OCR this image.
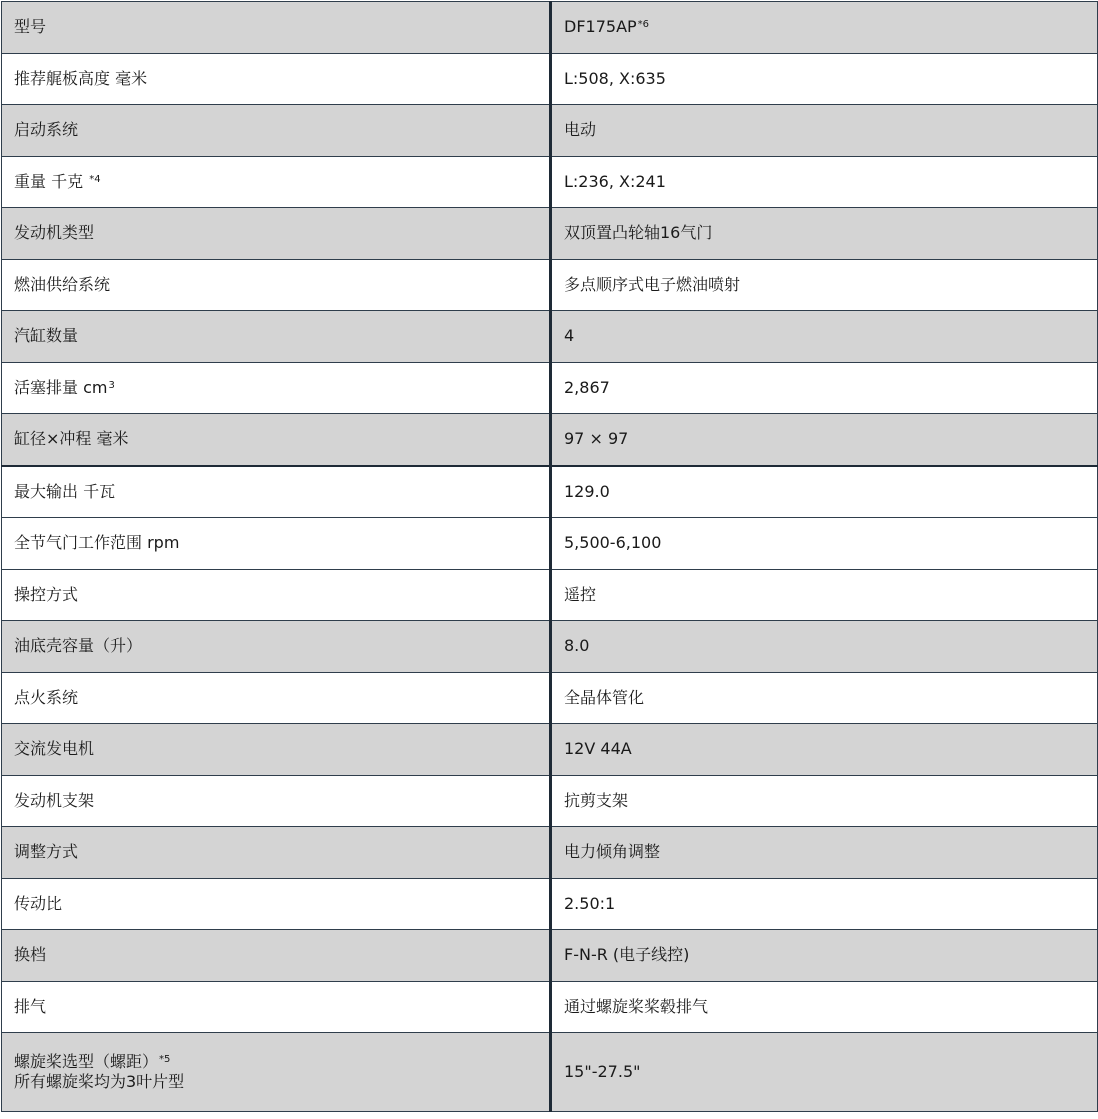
型号	DF175AP$^{*6}$
推荐艉板高度 毫米	L:508, X:635
启动系统	电动
重量 千克 $^{*4}$	L:236, X:241
发动机类型	双顶置凸轮轴16气门
燃油供给系统	多点顺序式电子燃油喷射
汽缸数量	4
活塞排量 $cm^3$	2,867
缸径×冲程 毫米	97 × 97
最大输出 千瓦	129.0
全节气门工作范围 rpm	5,500-6,100
操控方式	遥控
油底壳容量（升）	8.0
点火系统	全晶体管化
交流发电机	12V 44A
发动机支架	抗剪支架
调整方式	电力倾角调整
传动比	2.50:1
换档	F-N-R (电子线控)
排气	通过螺旋桨桨毂排气
螺旋桨选型（螺距）$^{*5}$
所有螺旋桨均为3叶片型	15"-27.5"
